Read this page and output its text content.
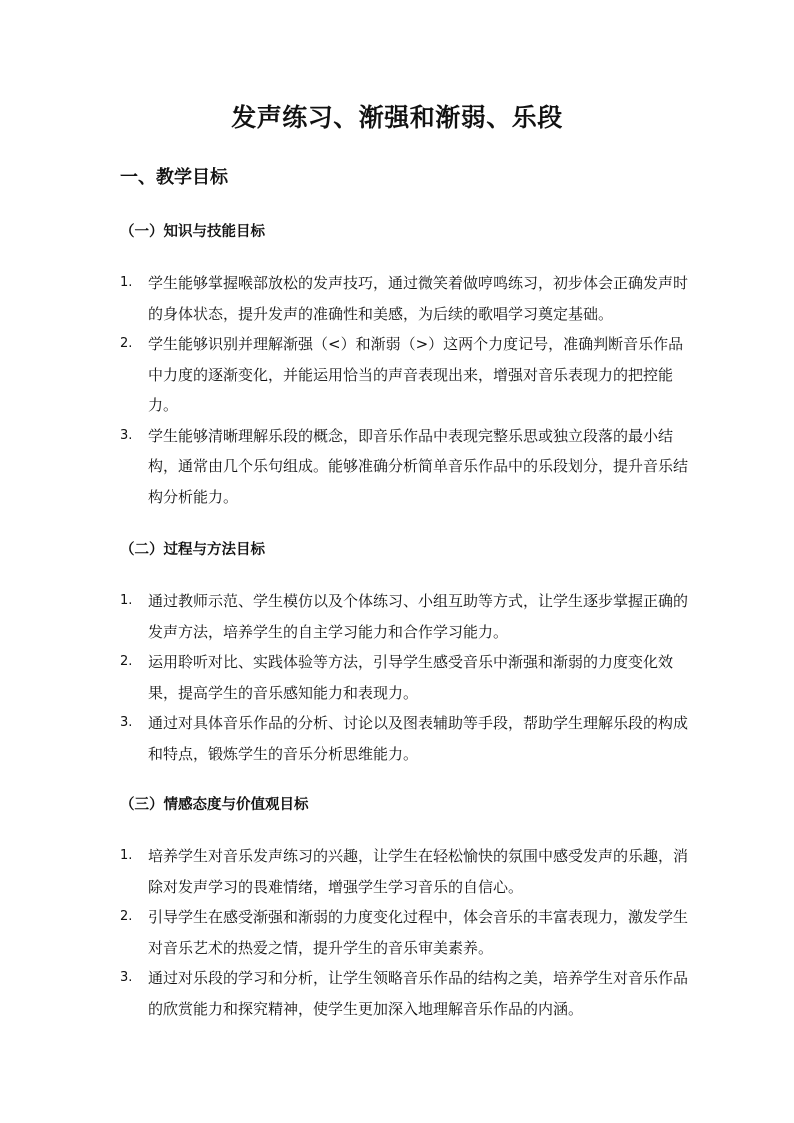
发声练习、渐强和渐弱、乐段
一、教学目标
（一）知识与技能目标
1. 学生能够掌握喉部放松的发声技巧，通过微笑着做哼鸣练习，初步体会正确发声时的身体状态，提升发声的准确性和美感，为后续的歌唱学习奠定基础。
2. 学生能够识别并理解渐强（<）和渐弱（>）这两个力度记号，准确判断音乐作品中力度的逐渐变化，并能运用恰当的声音表现出来，增强对音乐表现力的把控能力。
3. 学生能够清晰理解乐段的概念，即音乐作品中表现完整乐思或独立段落的最小结构，通常由几个乐句组成。能够准确分析简单音乐作品中的乐段划分，提升音乐结构分析能力。
（二）过程与方法目标
1. 通过教师示范、学生模仿以及个体练习、小组互助等方式，让学生逐步掌握正确的发声方法，培养学生的自主学习能力和合作学习能力。
2. 运用聆听对比、实践体验等方法，引导学生感受音乐中渐强和渐弱的力度变化效果，提高学生的音乐感知能力和表现力。
3. 通过对具体音乐作品的分析、讨论以及图表辅助等手段，帮助学生理解乐段的构成和特点，锻炼学生的音乐分析思维能力。
（三）情感态度与价值观目标
1. 培养学生对音乐发声练习的兴趣，让学生在轻松愉快的氛围中感受发声的乐趣，消除对发声学习的畏难情绪，增强学生学习音乐的自信心。
2. 引导学生在感受渐强和渐弱的力度变化过程中，体会音乐的丰富表现力，激发学生对音乐艺术的热爱之情，提升学生的音乐审美素养。
3. 通过对乐段的学习和分析，让学生领略音乐作品的结构之美，培养学生对音乐作品的欣赏能力和探究精神，使学生更加深入地理解音乐作品的内涵。
